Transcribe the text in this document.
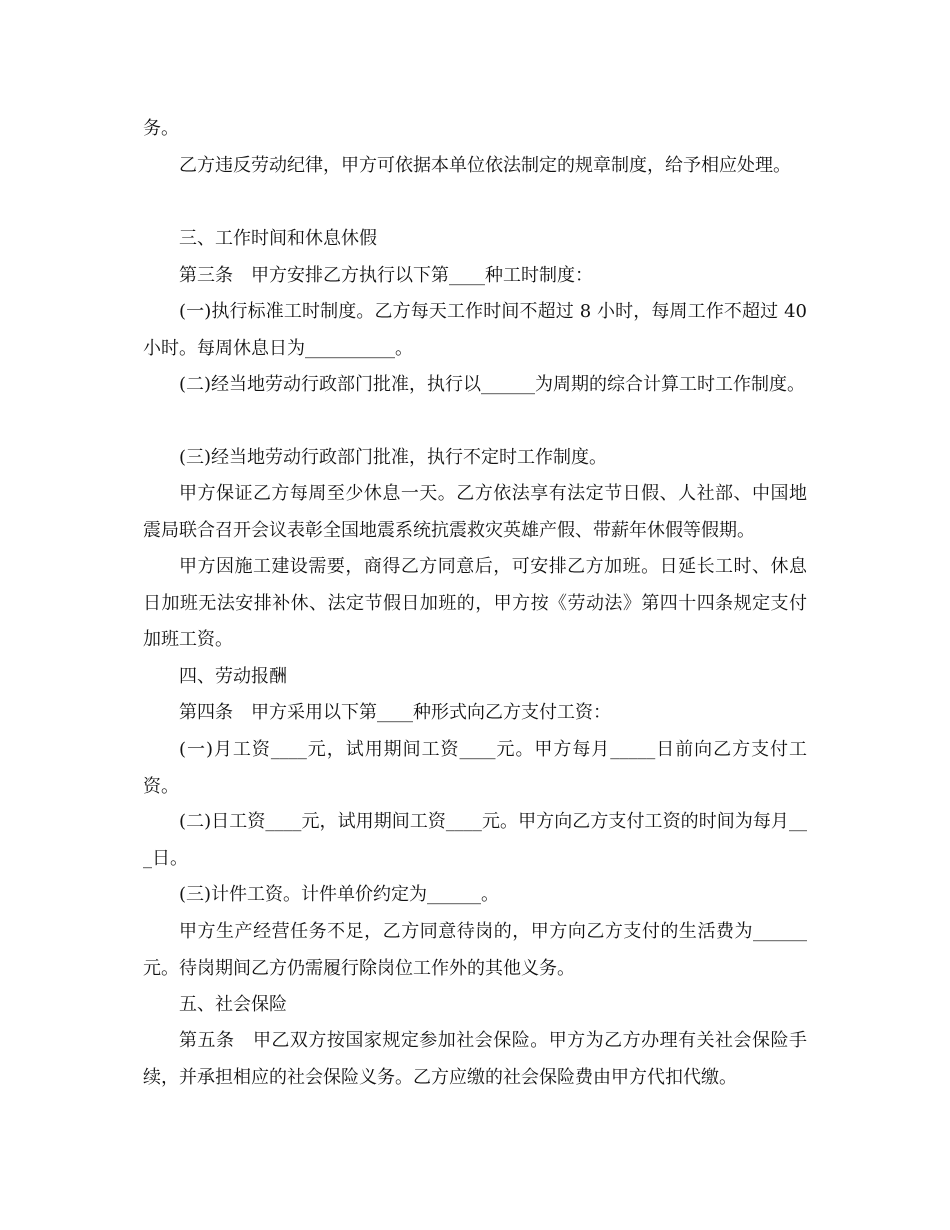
务。

乙方违反劳动纪律，甲方可依据本单位依法制定的规章制度，给予相应处理。

三、工作时间和休息休假

第三条　甲方安排乙方执行以下第____种工时制度：

(一)执行标准工时制度。乙方每天工作时间不超过 8 小时，每周工作不超过 40 小时。每周休息日为__________。

(二)经当地劳动行政部门批准，执行以______为周期的综合计算工时工作制度。

(三)经当地劳动行政部门批准，执行不定时工作制度。

甲方保证乙方每周至少休息一天。乙方依法享有法定节日假、人社部、中国地震局联合召开会议表彰全国地震系统抗震救灾英雄产假、带薪年休假等假期。

甲方因施工建设需要，商得乙方同意后，可安排乙方加班。日延长工时、休息日加班无法安排补休、法定节假日加班的，甲方按《劳动法》第四十四条规定支付加班工资。

四、劳动报酬

第四条　甲方采用以下第____种形式向乙方支付工资：

(一)月工资____元，试用期间工资____元。甲方每月_____日前向乙方支付工资。

(二)日工资____元，试用期间工资____元。甲方向乙方支付工资的时间为每月___日。

(三)计件工资。计件单价约定为______。

甲方生产经营任务不足，乙方同意待岗的，甲方向乙方支付的生活费为______元。待岗期间乙方仍需履行除岗位工作外的其他义务。

五、社会保险

第五条　甲乙双方按国家规定参加社会保险。甲方为乙方办理有关社会保险手续，并承担相应的社会保险义务。乙方应缴的社会保险费由甲方代扣代缴。
